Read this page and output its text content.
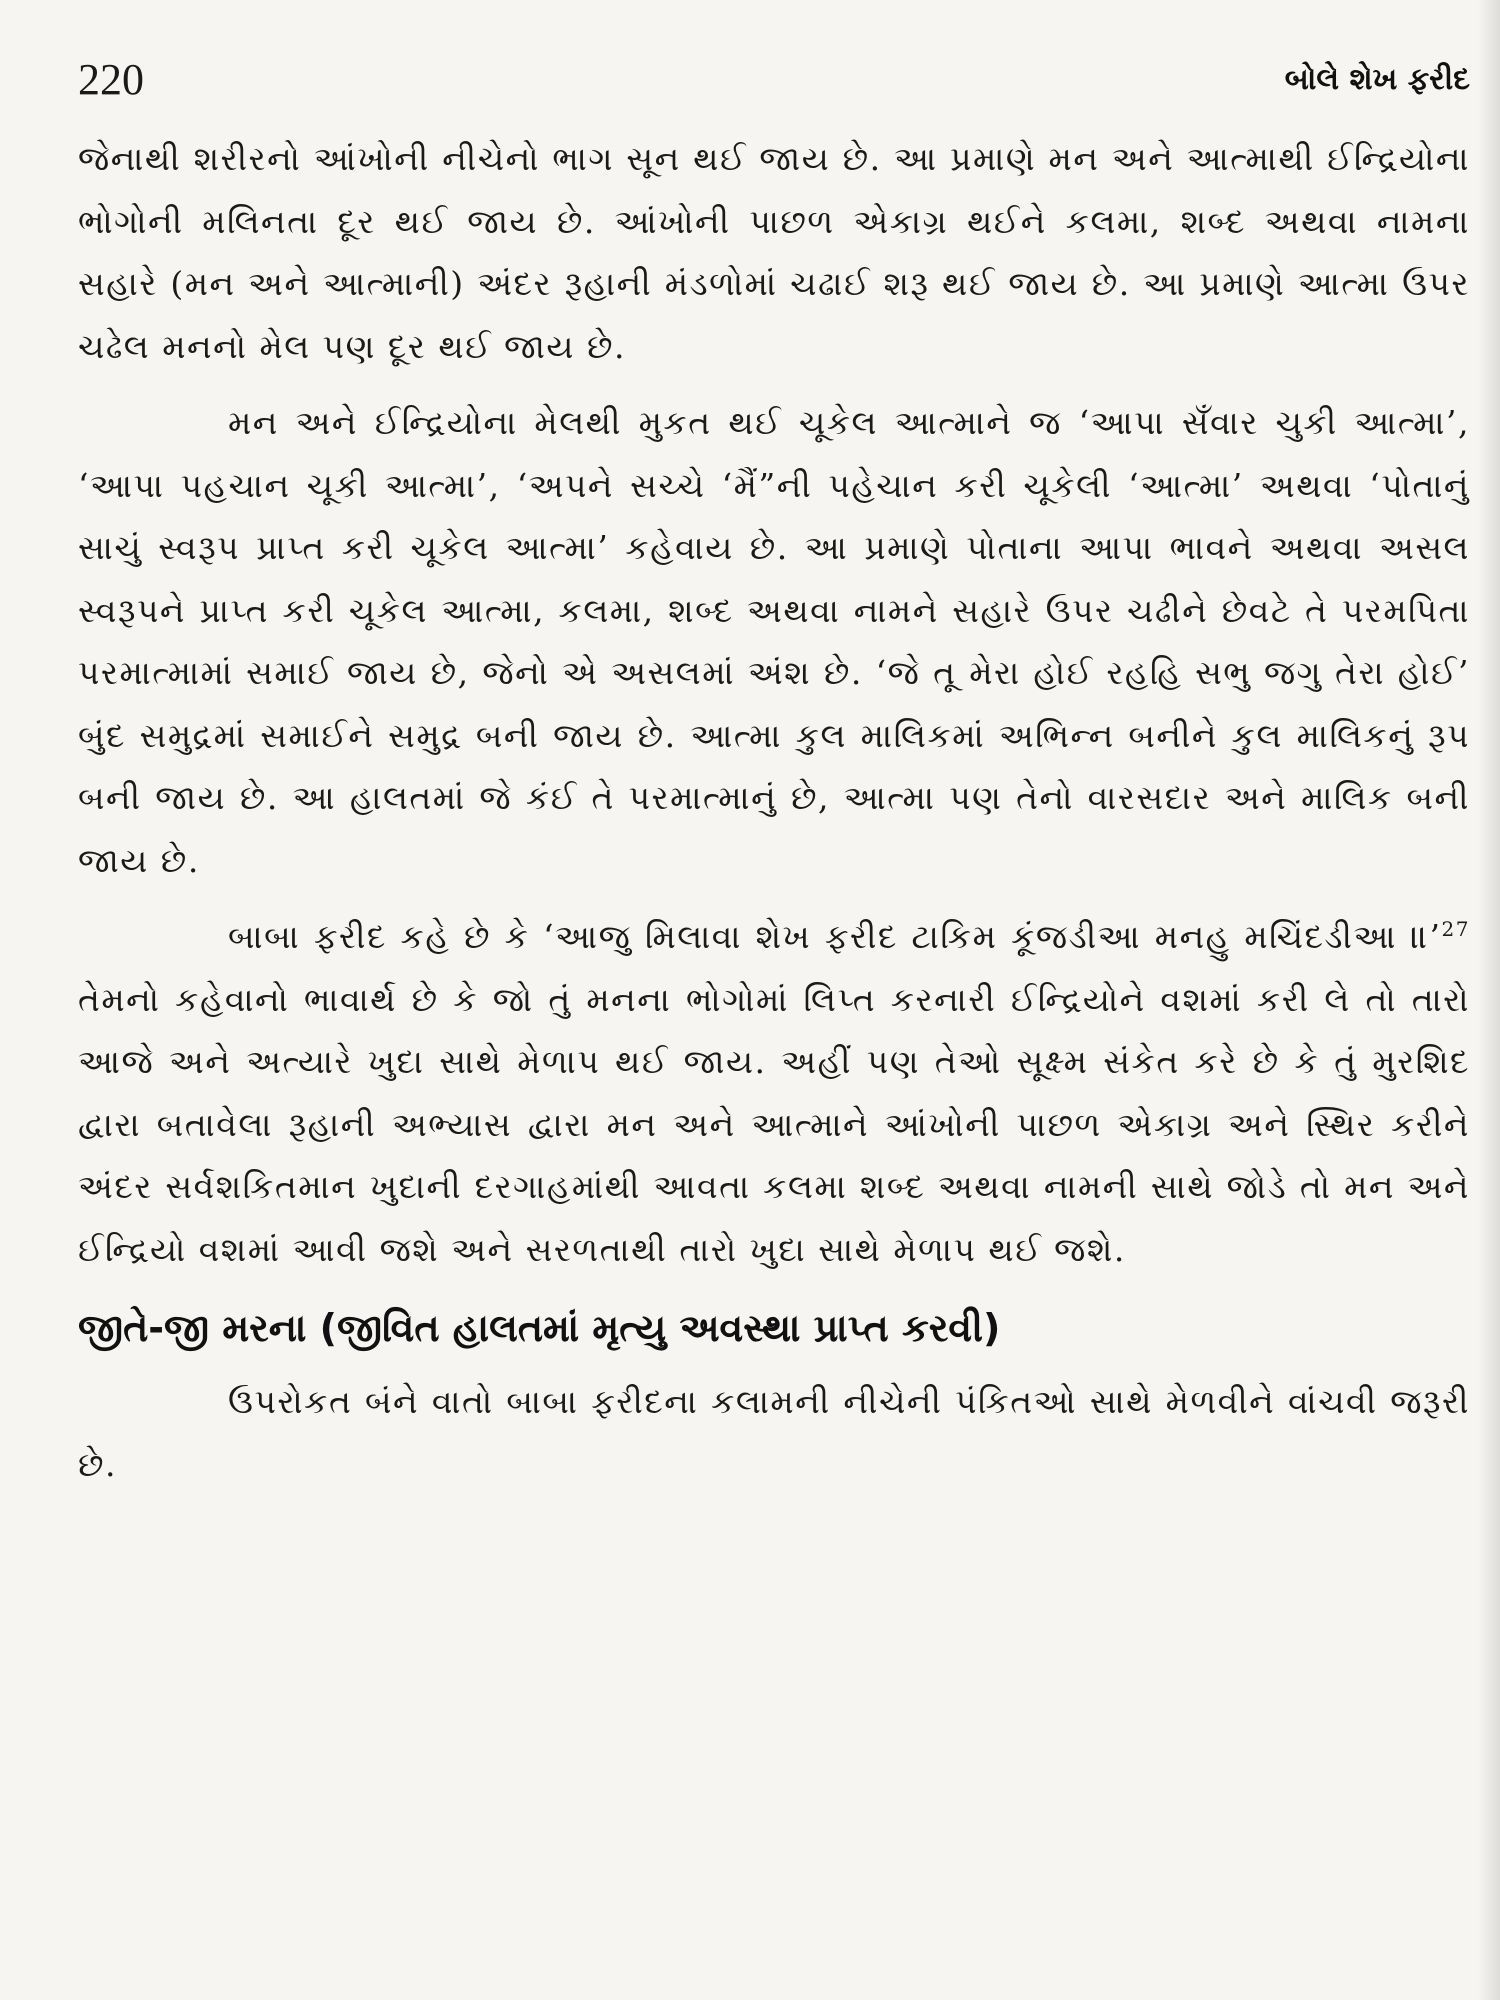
220	બોલે શેખ ફરીદ

જેનાથી શરીરનો આંખોની નીચેનો ભાગ સૂન થઈ જાય છે. આ પ્રમાણે મન અને આત્માથી ઈન્દ્રિયોના ભોગોની મલિનતા દૂર થઈ જાય છે. આંખોની પાછળ એકાગ્ર થઈને કલમા, શબ્દ અથવા નામના સહારે (મન અને આત્માની) અંદર રૂહાની મંડળોમાં ચઢાઈ શરૂ થઈ જાય છે. આ પ્રમાણે આત્મા ઉપર ચઢેલ મનનો મેલ પણ દૂર થઈ જાય છે.

મન અને ઈન્દ્રિયોના મેલથી મુકત થઈ ચૂકેલ આત્માને જ ‘આપા સઁવાર ચુકી આત્મા’, ‘આપા પહચાન ચૂકી આત્મા’, ‘અપને સચ્ચે ‘મૈં”ની પહેચાન કરી ચૂકેલી ‘આત્મા’ અથવા ‘પોતાનું સાચું સ્વરૂપ પ્રાપ્ત કરી ચૂકેલ આત્મા’ કહેવાય છે. આ પ્રમાણે પોતાના આપા ભાવને અથવા અસલ સ્વરૂપને પ્રાપ્ત કરી ચૂકેલ આત્મા, કલમા, શબ્દ અથવા નામને સહારે ઉપર ચઢીને છેવટે તે પરમપિતા પરમાત્મામાં સમાઈ જાય છે, જેનો એ અસલમાં અંશ છે. ‘જે તૂ મેરા હોઈ રહહિ સભુ જગુ તેરા હોઈ’ બુંદ સમુદ્રમાં સમાઈને સમુદ્ર બની જાય છે. આત્મા કુલ માલિકમાં અભિન્ન બનીને કુલ માલિકનું રૂપ બની જાય છે. આ હાલતમાં જે કંઈ તે પરમાત્માનું છે, આત્મા પણ તેનો વારસદાર અને માલિક બની જાય છે.

બાબા ફરીદ કહે છે કે ‘આજુ મિલાવા શેખ ફરીદ ટાકિમ કૂંજડીઆ મનહુ મચિંદડીઆ ॥’$^{27}$ તેમનો કહેવાનો ભાવાર્થ છે કે જો તું મનના ભોગોમાં લિપ્ત કરનારી ઈન્દ્રિયોને વશમાં કરી લે તો તારો આજે અને અત્યારે ખુદા સાથે મેળાપ થઈ જાય. અહીં પણ તેઓ સૂક્ષ્મ સંકેત કરે છે કે તું મુરશિદ દ્વારા બતાવેલા રૂહાની અભ્યાસ દ્વારા મન અને આત્માને આંખોની પાછળ એકાગ્ર અને સ્થિર કરીને અંદર સર્વશકિતમાન ખુદાની દરગાહમાંથી આવતા કલમા શબ્દ અથવા નામની સાથે જોડે તો મન અને ઈન્દ્રિયો વશમાં આવી જશે અને સરળતાથી તારો ખુદા સાથે મેળાપ થઈ જશે.

જીતે-જી મરના (જીવિત હાલતમાં મૃત્યુ અવસ્થા પ્રાપ્ત કરવી)

ઉપરોકત બંને વાતો બાબા ફરીદના કલામની નીચેની પંકિતઓ સાથે મેળવીને વાંચવી જરૂરી છે.
